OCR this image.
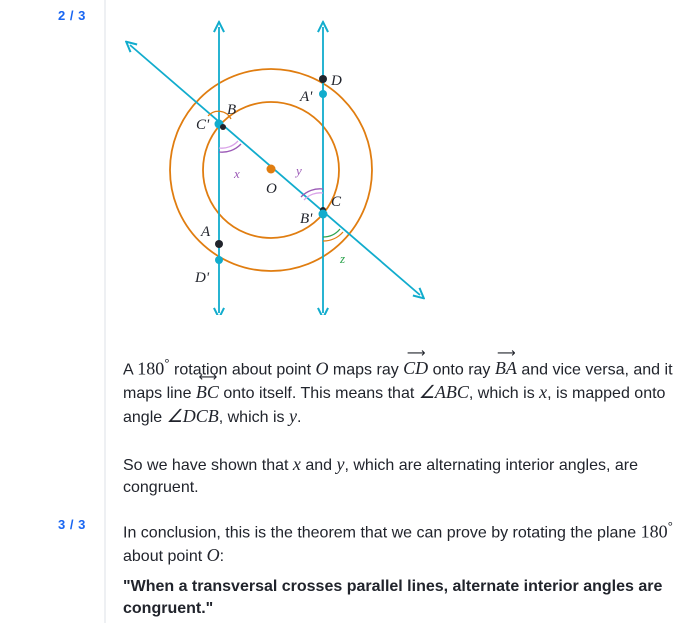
2 / 3
3 / 3
D
A'
B
C'
x	y
O
C
B'
A
z
D'
A 180° rotation about point O maps ray ⟶ CD onto ray ⟶ BA and vice versa, and it maps line ⟷ BC onto itself. This means that ∠ABC, which is x, is mapped onto angle ∠DCB, which is y.
So we have shown that x and y, which are alternating interior angles, are congruent.
In conclusion, this is the theorem that we can prove by rotating the plane 180° about point O:
"When a transversal crosses parallel lines, alternate interior angles are congruent."
